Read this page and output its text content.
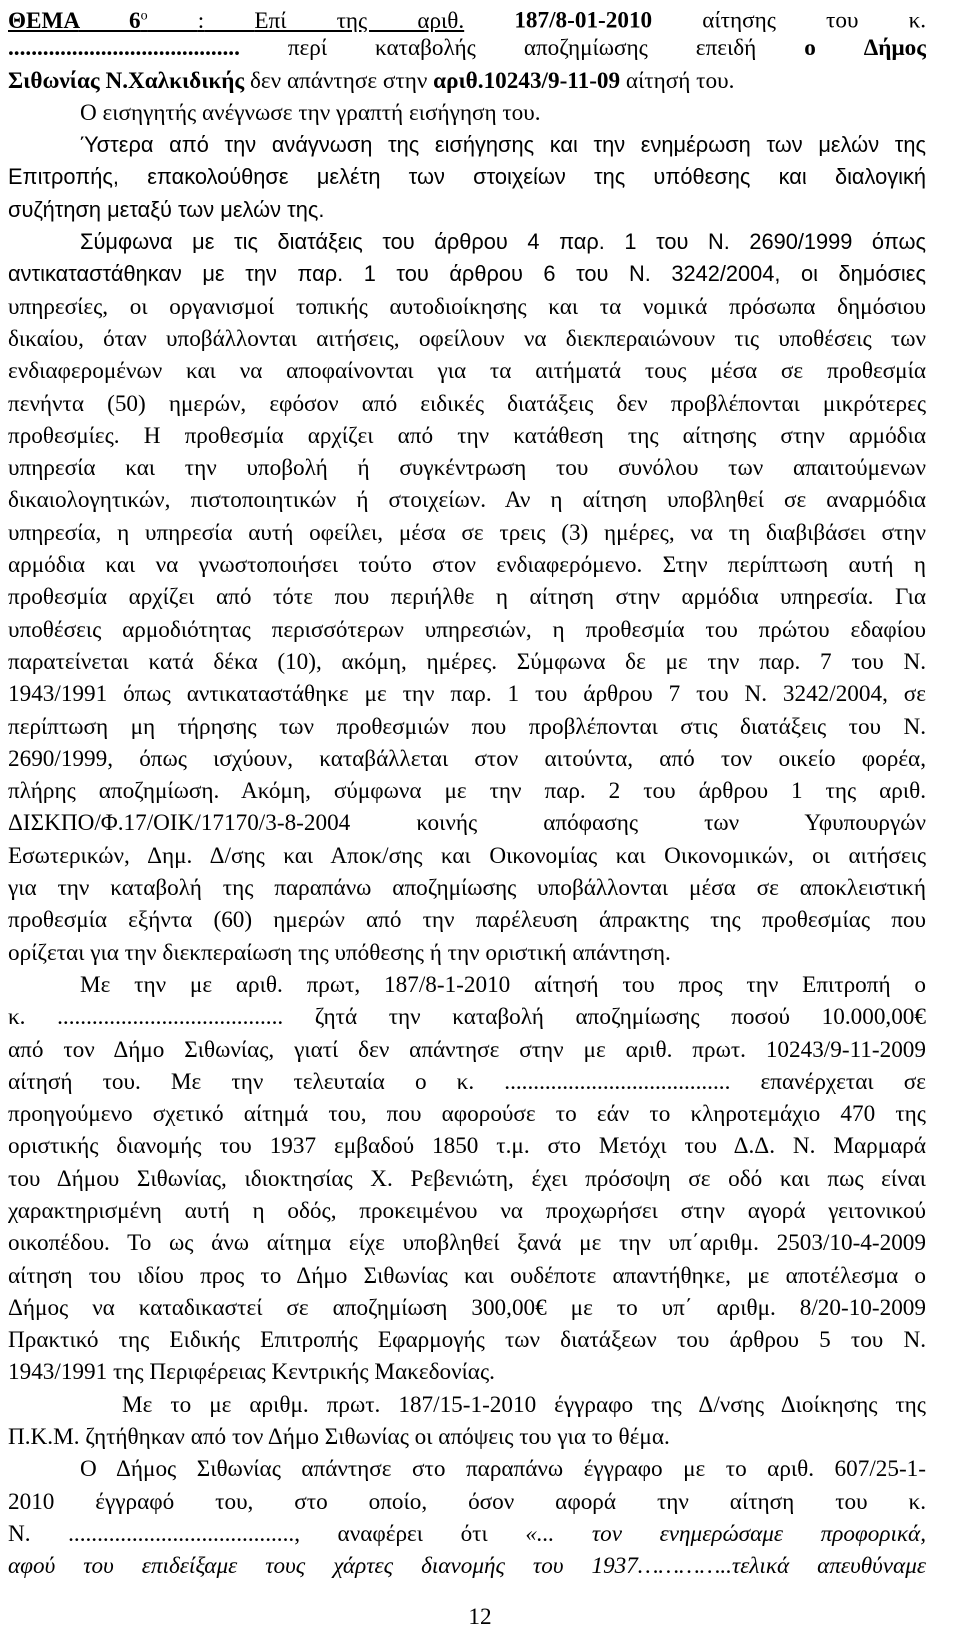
ΘΕΜΑ $6^o$ : Επί της αριθ. 187/8-01-2010 αίτησης του κ.
........................................ περί καταβολής αποζημίωσης επειδή ο Δήμος
Σιθωνίας Ν.Χαλκιδικής δεν απάντησε στην αριθ.10243/9-11-09 αίτησή του.
Ο εισηγητής ανέγνωσε την γραπτή εισήγηση του.
Ύστερα από την ανάγνωση της εισήγησης και την ενημέρωση των μελών της
Επιτροπής, επακολούθησε μελέτη των στοιχείων της υπόθεσης και διαλογική
συζήτηση μεταξύ των μελών της.
Σύμφωνα με τις διατάξεις του άρθρου 4 παρ. 1 του Ν. 2690/1999 όπως
αντικαταστάθηκαν με την παρ. 1 του άρθρου 6 του Ν. 3242/2004, οι δημόσιες
υπηρεσίες, οι οργανισμοί τοπικής αυτοδιοίκησης και τα νομικά πρόσωπα δημόσιου
δικαίου, όταν υποβάλλονται αιτήσεις, οφείλουν να διεκπεραιώνουν τις υποθέσεις των
ενδιαφερομένων και να αποφαίνονται για τα αιτήματά τους μέσα σε προθεσμία
πενήντα (50) ημερών, εφόσον από ειδικές διατάξεις δεν προβλέπονται μικρότερες
προθεσμίες. Η προθεσμία αρχίζει από την κατάθεση της αίτησης στην αρμόδια
υπηρεσία και την υποβολή ή συγκέντρωση του συνόλου των απαιτούμενων
δικαιολογητικών, πιστοποιητικών ή στοιχείων. Αν η αίτηση υποβληθεί σε αναρμόδια
υπηρεσία, η υπηρεσία αυτή οφείλει, μέσα σε τρεις (3) ημέρες, να τη διαβιβάσει στην
αρμόδια και να γνωστοποιήσει τούτο στον ενδιαφερόμενο. Στην περίπτωση αυτή η
προθεσμία αρχίζει από τότε που περιήλθε η αίτηση στην αρμόδια υπηρεσία. Για
υποθέσεις αρμοδιότητας περισσότερων υπηρεσιών, η προθεσμία του πρώτου εδαφίου
παρατείνεται κατά δέκα (10), ακόμη, ημέρες. Σύμφωνα δε με την παρ. 7 του Ν.
1943/1991 όπως αντικαταστάθηκε με την παρ. 1 του άρθρου 7 του Ν. 3242/2004, σε
περίπτωση μη τήρησης των προθεσμιών που προβλέπονται στις διατάξεις του Ν.
2690/1999, όπως ισχύουν, καταβάλλεται στον αιτούντα, από τον οικείο φορέα,
πλήρης αποζημίωση. Ακόμη, σύμφωνα με την παρ. 2 του άρθρου 1 της αριθ.
ΔΙΣΚΠΟ/Φ.17/ΟΙΚ/17170/3-8-2004 κοινής απόφασης των Υφυπουργών
Εσωτερικών, Δημ. Δ/σης και Αποκ/σης και Οικονομίας και Οικονομικών, οι αιτήσεις
για την καταβολή της παραπάνω αποζημίωσης υποβάλλονται μέσα σε αποκλειστική
προθεσμία εξήντα (60) ημερών από την παρέλευση άπρακτης της προθεσμίας που
ορίζεται για την διεκπεραίωση της υπόθεσης ή την οριστική απάντηση.
Με την με αριθ. πρωτ, 187/8-1-2010 αίτησή του προς την Επιτροπή ο
κ. ....................................... ζητά την καταβολή αποζημίωσης ποσού 10.000,00€
από τον Δήμο Σιθωνίας, γιατί δεν απάντησε στην με αριθ. πρωτ. 10243/9-11-2009
αίτησή του. Με την τελευταία ο κ. ....................................... επανέρχεται σε
προηγούμενο σχετικό αίτημά του, που αφορούσε το εάν το κληροτεμάχιο 470 της
οριστικής διανομής του 1937 εμβαδού 1850 τ.μ. στο Μετόχι του Δ.Δ. Ν. Μαρμαρά
του Δήμου Σιθωνίας, ιδιοκτησίας Χ. Ρεβενιώτη, έχει πρόσοψη σε οδό και πως είναι
χαρακτηρισμένη αυτή η οδός, προκειμένου να προχωρήσει στην αγορά γειτονικού
οικοπέδου. Το ως άνω αίτημα είχε υποβληθεί ξανά με την υπ΄αριθμ. 2503/10-4-2009
αίτηση του ιδίου προς το Δήμο Σιθωνίας και ουδέποτε απαντήθηκε, με αποτέλεσμα ο
Δήμος να καταδικαστεί σε αποζημίωση 300,00€ με το υπ΄ αριθμ. 8/20-10-2009
Πρακτικό της Ειδικής Επιτροπής Εφαρμογής των διατάξεων του άρθρου 5 του Ν.
1943/1991 της Περιφέρειας Κεντρικής Μακεδονίας.
Με το με αριθμ. πρωτ. 187/15-1-2010 έγγραφο της Δ/νσης Διοίκησης της
Π.Κ.Μ. ζητήθηκαν από τον Δήμο Σιθωνίας οι απόψεις του για το θέμα.
Ο Δήμος Σιθωνίας απάντησε στο παραπάνω έγγραφο με το αριθ. 607/25-1-
2010 έγγραφό του, στο οποίο, όσον αφορά την αίτηση του κ.
Ν. ......................................., αναφέρει ότι «... τον ενημερώσαμε προφορικά,
αφού του επιδείξαμε τους χάρτες διανομής του 1937…………..τελικά απευθύναμε
12
